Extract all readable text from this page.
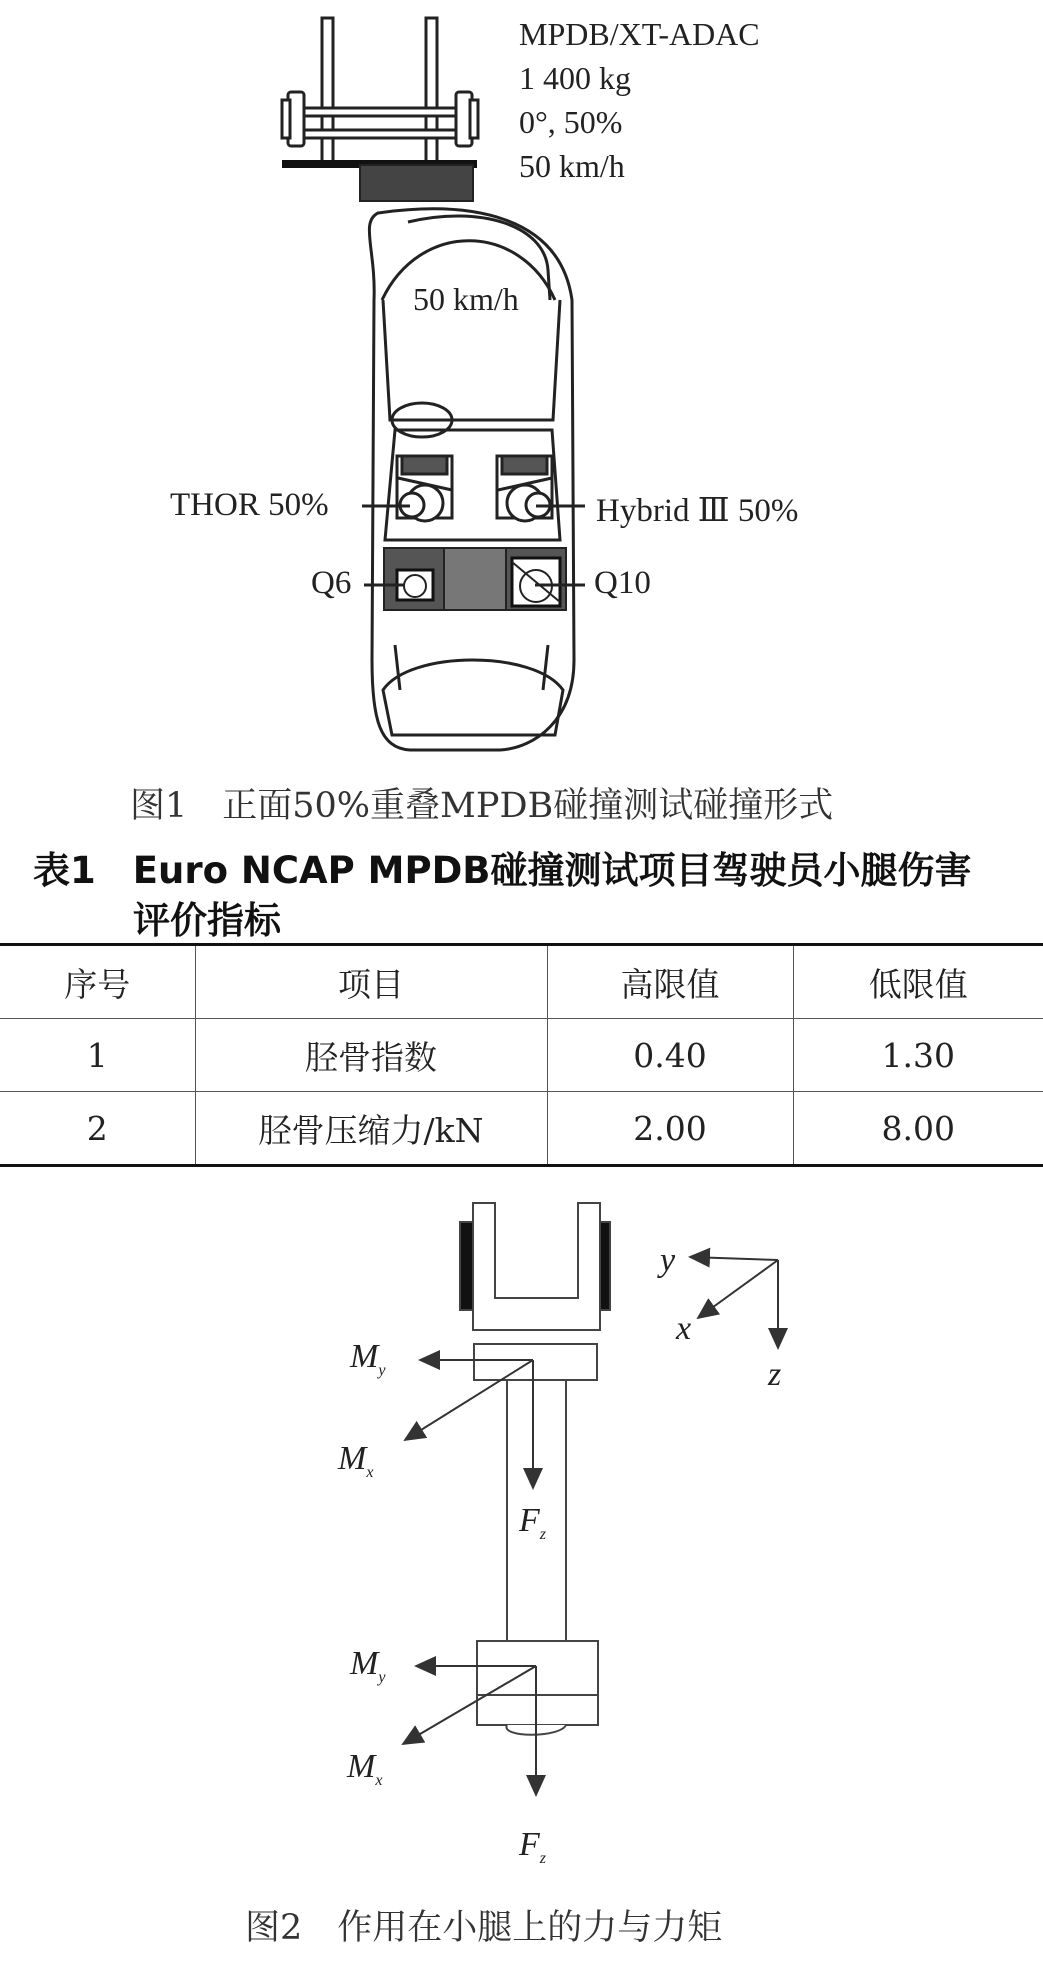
MPDB/XT-ADAC
1 400 kg
0°, 50%
50 km/h
50 km/h
THOR 50%	Hybrid Ⅲ 50%
Q6	Q10
图1　正面50%重叠MPDB碰撞测试碰撞形式
表1　Euro NCAP MPDB碰撞测试项目驾驶员小腿伤害
评价指标
序号	项目	高限值	低限值
1	胫骨指数	0.40	1.30
2	胫骨压缩力/kN	2.00	8.00
y
x
z
$M_y$
$M_x$
$F_z$
$M_y$
$M_x$
$F_z$
图2　作用在小腿上的力与力矩
